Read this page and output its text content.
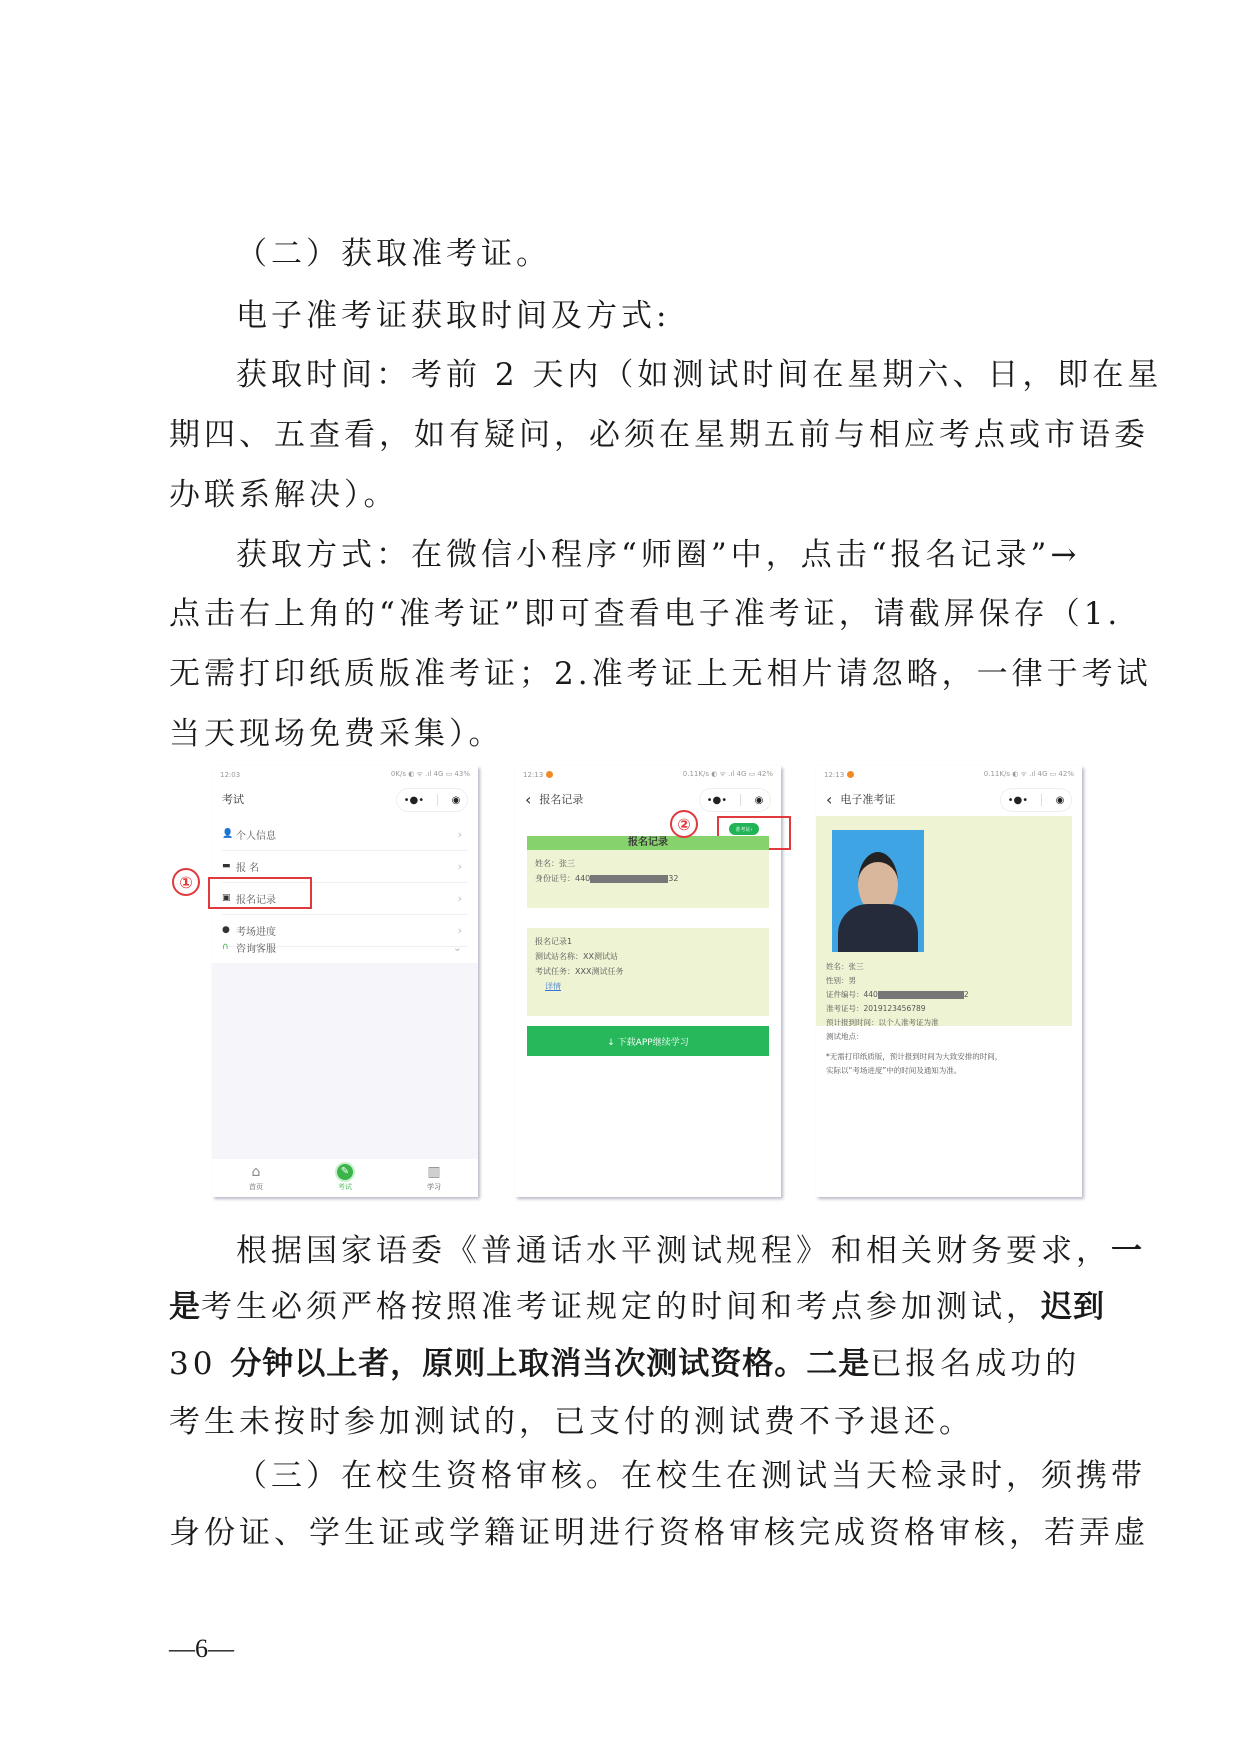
（二）获取准考证。
电子准考证获取时间及方式:
获取时间：考前 2 天内（如测试时间在星期六、日，即在星
期四、五查看，如有疑问，必须在星期五前与相应考点或市语委
办联系解决）。
获取方式：在微信小程序“师圈”中，点击“报名记录”→
点击右上角的“准考证”即可查看电子准考证，请截屏保存（1.
无需打印纸质版准考证；2.准考证上无相片请忽略，一律于考试
当天现场免费采集）。
12:03	0K/s ◐ ᯤ .ıl 4G ▭ 43%
考试	•●•	◉
👤 个人信息	›
▬ 报 名	›
▣ 报名记录	›
● 考场进度	›
∩ 咨询客服	⌄
⌂
首页
✎
考试
▥
学习
①
12:13	0.11K/s ◐ ᯤ .ıl 4G ▭ 42%
‹ 报名记录	•●•	◉
准考证›
报名记录

姓名：张三

身份证号：440	32

报名记录1

测试站名称：XX测试站

考试任务：XXX测试任务

详情

↓ 下载APP继续学习
②
12:13	0.11K/s ◐ ᯤ .ıl 4G ▭ 42%
‹ 电子准考证	•●•	◉

姓名：张三

性别：男

证件编号：440	2

准考证号：2019123456789

预计报到时间：以个人准考证为准

测试地点：

*无需打印纸质版，预计报到时间为大致安排的时间，

实际以“考场进度”中的时间及通知为准。

根据国家语委《普通话水平测试规程》和相关财务要求，一
是考生必须严格按照准考证规定的时间和考点参加测试，迟到
30 分钟以上者，原则上取消当次测试资格。二是已报名成功的
考生未按时参加测试的，已支付的测试费不予退还。
（三）在校生资格审核。在校生在测试当天检录时，须携带
身份证、学生证或学籍证明进行资格审核完成资格审核，若弄虚
—6—
